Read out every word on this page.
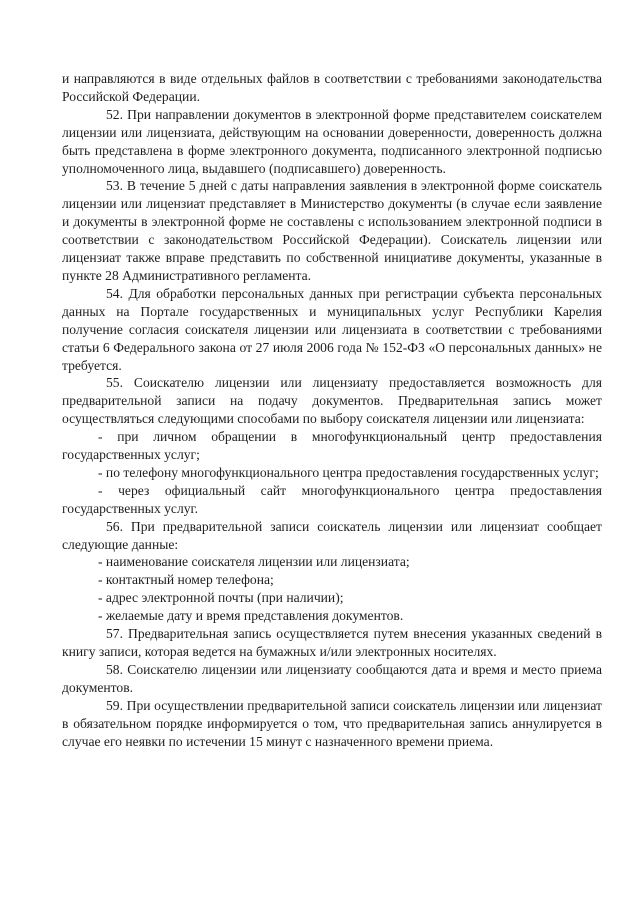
и направляются в виде отдельных файлов в соответствии с требованиями законодательства Российской Федерации.

52. При направлении документов в электронной форме представителем соискателем лицензии или лицензиата, действующим на основании доверенности, доверенность должна быть представлена в форме электронного документа, подписанного электронной подписью уполномоченного лица, выдавшего (подписавшего) доверенность.

53. В течение 5 дней с даты направления заявления в электронной форме соискатель лицензии или лицензиат представляет в Министерство документы (в случае если заявление и документы в электронной форме не составлены с использованием электронной подписи в соответствии с законодательством Российской Федерации). Соискатель лицензии или лицензиат также вправе представить по собственной инициативе документы, указанные в пункте 28 Административного регламента.

54. Для обработки персональных данных при регистрации субъекта персональных данных на Портале государственных и муниципальных услуг Республики Карелия получение согласия соискателя лицензии или лицензиата в соответствии с требованиями статьи 6 Федерального закона от 27 июля 2006 года № 152-ФЗ «О персональных данных» не требуется.

55. Соискателю лицензии или лицензиату предоставляется возможность для предварительной записи на подачу документов. Предварительная запись может осуществляться следующими способами по выбору соискателя лицензии или лицензиата:

- при личном обращении в многофункциональный центр предоставления государственных услуг;

- по телефону многофункционального центра предоставления государственных услуг;

- через официальный сайт многофункционального центра предоставления государственных услуг.

56. При предварительной записи соискатель лицензии или лицензиат сообщает следующие данные:

- наименование соискателя лицензии или лицензиата;

- контактный номер телефона;

- адрес электронной почты (при наличии);

- желаемые дату и время представления документов.

57. Предварительная запись осуществляется путем внесения указанных сведений в книгу записи, которая ведется на бумажных и/или электронных носителях.

58. Соискателю лицензии или лицензиату сообщаются дата и время и место приема документов.

59. При осуществлении предварительной записи соискатель лицензии или лицензиат в обязательном порядке информируется о том, что предварительная запись аннулируется в случае его неявки по истечении 15 минут с назначенного времени приема.
